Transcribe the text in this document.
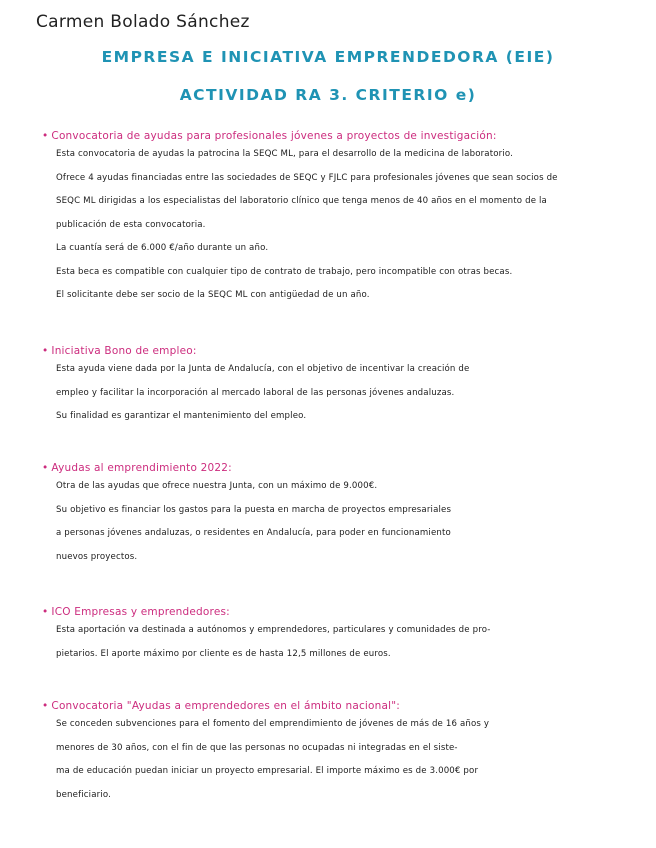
Carmen Bolado Sánchez
EMPRESA E INICIATIVA EMPRENDEDORA (EIE)
ACTIVIDAD RA 3. CRITERIO e)
• Convocatoria de ayudas para profesionales jóvenes a proyectos de investigación:
Esta convocatoria de ayudas la patrocina la SEQC ML, para el desarrollo de la medicina de laboratorio.
Ofrece 4 ayudas financiadas entre las sociedades de SEQC y FJLC para profesionales jóvenes que sean socios de
SEQC ML dirigidas a los especialistas del laboratorio clínico que tenga menos de 40 años en el momento de la
publicación de esta convocatoria.
La cuantía será de 6.000 €/año durante un año.
Esta beca es compatible con cualquier tipo de contrato de trabajo, pero incompatible con otras becas.
El solicitante debe ser socio de la SEQC ML con antigüedad de un año.
• Iniciativa Bono de empleo:
Esta ayuda viene dada por la Junta de Andalucía, con el objetivo de incentivar la creación de
empleo y facilitar la incorporación al mercado laboral de las personas jóvenes andaluzas.
Su finalidad es garantizar el mantenimiento del empleo.
• Ayudas al emprendimiento 2022:
Otra de las ayudas que ofrece nuestra Junta, con un máximo de 9.000€.
Su objetivo es financiar los gastos para la puesta en marcha de proyectos empresariales
a personas jóvenes andaluzas, o residentes en Andalucía, para poder en funcionamiento
nuevos proyectos.
• ICO Empresas y emprendedores:
Esta aportación va destinada a autónomos y emprendedores, particulares y comunidades de pro-
pietarios. El aporte máximo por cliente es de hasta 12,5 millones de euros.
• Convocatoria "Ayudas a emprendedores en el ámbito nacional":
Se conceden subvenciones para el fomento del emprendimiento de jóvenes de más de 16 años y
menores de 30 años, con el fin de que las personas no ocupadas ni integradas en el siste-
ma de educación puedan iniciar un proyecto empresarial. El importe máximo es de 3.000€ por
beneficiario.
